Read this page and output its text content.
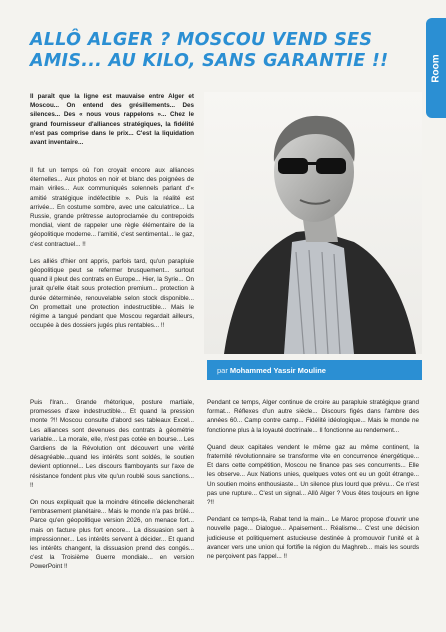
Room
ALLÔ ALGER ? MOSCOU VEND SES AMIS... AU KILO, SANS GARANTIE !!

Il paraît que la ligne est mauvaise entre Alger et Moscou... On entend des grésillements... Des silences... Des « nous vous rappelons »... Chez le grand fournisseur d'alliances stratégiques, la fidélité n'est pas comprise dans le prix... C'est la liquidation avant inventaire...

Il fut un temps où l'on croyait encore aux alliances éternelles... Aux photos en noir et blanc des poignées de main viriles... Aux communiqués solennels parlant d'« amitié stratégique indéfectible ». Puis la réalité est arrivée... En costume sombre, avec une calculatrice... La Russie, grande prêtresse autoproclamée du contrepoids mondial, vient de rappeler une règle élémentaire de la géopolitique moderne... l'amitié, c'est sentimental... le gaz, c'est contractuel... !!

Les alliés d'hier ont appris, parfois tard, qu'un parapluie géopolitique peut se refermer brusquement... surtout quand il pleut des contrats en Europe... Hier, la Syrie... On jurait qu'elle était sous protection premium... protection à durée déterminée, renouvelable selon stock disponible... On promettait une protection indestructible... Mais le régime a tangué pendant que Moscou regardait ailleurs, occupée à des dossiers jugés plus rentables... !!

par Mohammed Yassir Mouline

Puis l'Iran... Grande rhétorique, posture martiale, promesses d'axe indestructible... Et quand la pression monte ?!! Moscou consulte d'abord ses tableaux Excel... Les alliances sont devenues des contrats à géométrie variable... La morale, elle, n'est pas cotée en bourse... Les Gardiens de la Révolution ont découvert une vérité désagréable...quand les intérêts sont soldés, le soutien devient optionnel... Les discours flamboyants sur l'axe de résistance fondent plus vite qu'un roublé sous sanctions... !!

On nous expliquait que la moindre étincelle déclencherait l'embrasement planétaire... Mais le monde n'a pas brûlé... Parce qu'en géopolitique version 2026, on menace fort... mais on facture plus fort encore... La dissuasion sert à impressionner... Les intérêts servent à décider... Et quand les intérêts changent, la dissuasion prend des congés... c'est la Troisième Guerre mondiale... en version PowerPoint !!

Pendant ce temps, Alger continue de croire au parapluie stratégique grand format... Réflexes d'un autre siècle... Discours figés dans l'ambre des années 60... Camp contre camp... Fidélité idéologique... Mais le monde ne fonctionne plus à la loyauté doctrinale... Il fonctionne au rendement...

Quand deux capitales vendent le même gaz au même continent, la fraternité révolutionnaire se transforme vite en concurrence énergétique... Et dans cette compétition, Moscou ne finance pas ses concurrents... Elle les observe... Aux Nations unies, quelques votes ont eu un goût étrange... Un soutien moins enthousiaste... Un silence plus lourd que prévu... Ce n'est pas une rupture... C'est un signal... Allô Alger ? Vous êtes toujours en ligne ?!!

Pendant ce temps-là, Rabat tend la main... Le Maroc propose d'ouvrir une nouvelle page... Dialogue... Apaisement... Réalisme... C'est une décision judicieuse et politiquement astucieuse destinée à promouvoir l'unité et à avancer vers une union qui fortifie la région du Maghreb... mais les sourds ne perçoivent pas l'appel... !!
